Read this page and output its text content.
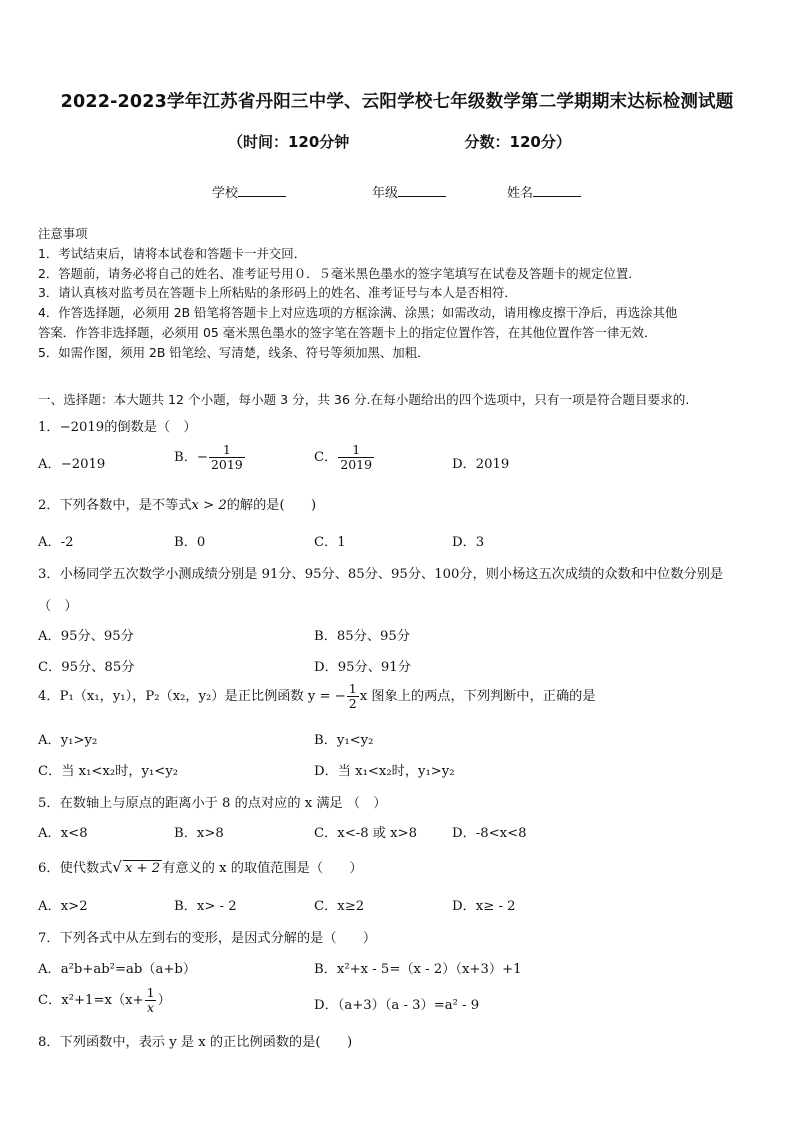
2022-2023学年江苏省丹阳三中学、云阳学校七年级数学第二学期期末达标检测试题
（时间：120分钟	分数：120分）
学校	年级	姓名
注意事项
1．考试结束后，请将本试卷和答题卡一并交回．
2．答题前，请务必将自己的姓名、准考证号用０．５毫米黑色墨水的签字笔填写在试卷及答题卡的规定位置．
3．请认真核对监考员在答题卡上所粘贴的条形码上的姓名、准考证号与本人是否相符．
4．作答选择题，必须用 2B 铅笔将答题卡上对应选项的方框涂满、涂黑；如需改动，请用橡皮擦干净后，再选涂其他
答案．作答非选择题，必须用 05 毫米黑色墨水的签字笔在答题卡上的指定位置作答，在其他位置作答一律无效．
5．如需作图，须用 2B 铅笔绘、写清楚，线条、符号等须加黑、加粗．
一、选择题：本大题共 12 个小题，每小题 3 分，共 36 分.在每小题给出的四个选项中，只有一项是符合题目要求的.
1．−2019的倒数是（　）
A．−2019	B．− $\frac{1}{2019}$	C． $\frac{1}{2019}$	D．2019
2．下列各数中，是不等式x > 2的解的是(　　)
A．-2	B．0	C．1	D．3
3．小杨同学五次数学小测成绩分别是 91分、95分、85分、95分、100分，则小杨这五次成绩的众数和中位数分别是
（　）
A．95分、95分	B．85分、95分
C．95分、85分	D．95分、91分
4．P₁（x₁，y₁），P₂（x₂，y₂）是正比例函数 y = − $\frac{1}{2}$ x 图象上的两点，下列判断中，正确的是
A．y₁>y₂	B．y₁<y₂
C．当 x₁<x₂时，y₁<y₂	D．当 x₁<x₂时，y₁>y₂
5．在数轴上与原点的距离小于 8 的点对应的 x 满足 （　）
A．x<8	B．x>8	C．x<-8 或 x>8	D．-8<x<8
6．使代数式√ x + 2 有意义的 x 的取值范围是（　　）
A．x>2	B．x> - 2	C．x≥2	D．x≥ - 2
7．下列各式中从左到右的变形，是因式分解的是（　　）
A．a²b+ab²=ab（a+b）	B．x²+x - 5=（x - 2）（x+3）+1
C．$x^2+1=x(x+ \frac{1}{x}$ ）	D．（a+3）（a - 3）=a² - 9
8．下列函数中，表示 y 是 x 的正比例函数的是(　　)
